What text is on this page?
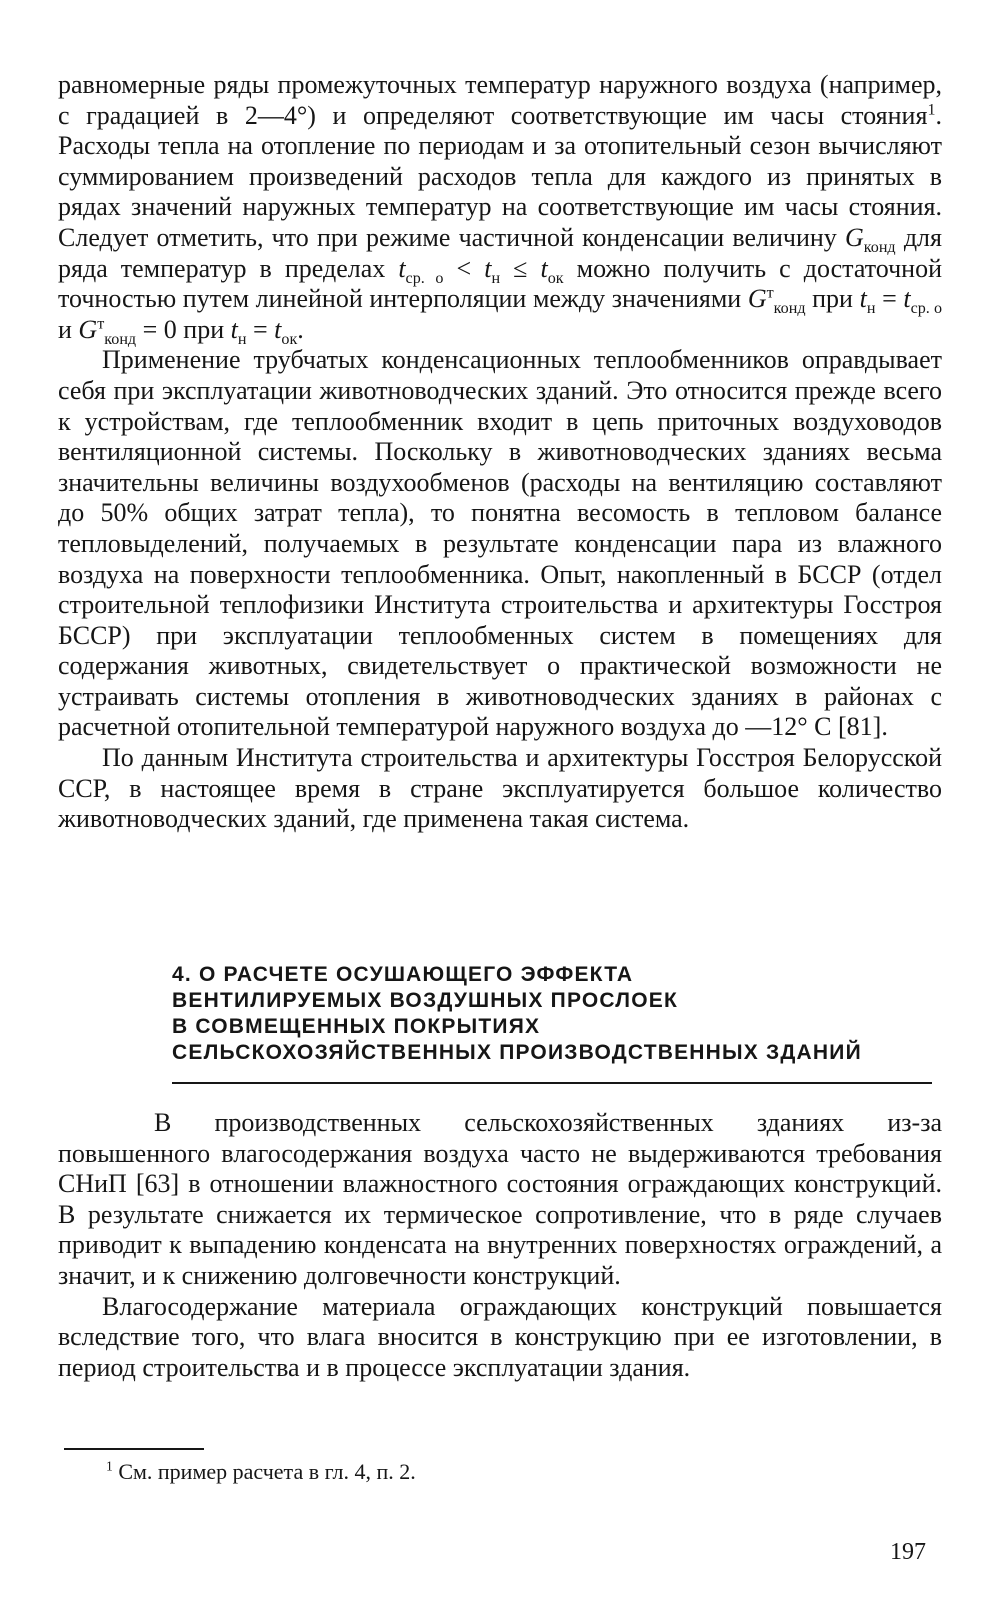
равномерные ряды промежуточных температур наружного воздуха (например, с градацией в 2—4°) и определяют соответствующие им часы стояния$^1$. Расходы тепла на отопление по периодам и за отопительный сезон вычисляют суммированием произведений расходов тепла для каждого из принятых в рядах значений наружных температур на соответствующие им часы стояния. Следует отметить, что при режиме частичной конденсации величину $G_{конд}$ для ряда температур в пределах $t_{ср. о} < t_н \le t_{ок}$ можно получить с достаточной точностью путем линейной интерполяции между значениями $G^т_{конд}$ при $t_н = t_{ср. о}$ и $G^т_{конд} = 0$ при $t_н = t_{ок}$.

Применение трубчатых конденсационных теплообменников оправдывает себя при эксплуатации животноводческих зданий. Это относится прежде всего к устройствам, где теплообменник входит в цепь приточных воздуховодов вентиляционной системы. Поскольку в животноводческих зданиях весьма значительны величины воздухообменов (расходы на вентиляцию составляют до 50% общих затрат тепла), то понятна весомость в тепловом балансе тепловыделений, получаемых в результате конденсации пара из влажного воздуха на поверхности теплообменника. Опыт, накопленный в БССР (отдел строительной теплофизики Института строительства и архитектуры Госстроя БССР) при эксплуатации теплообменных систем в помещениях для содержания животных, свидетельствует о практической возможности не устраивать системы отопления в животноводческих зданиях в районах с расчетной отопительной температурой наружного воздуха до —12° С [81].

По данным Института строительства и архитектуры Госстроя Белорусской ССР, в настоящее время в стране эксплуатируется большое количество животноводческих зданий, где применена такая система.

4. О РАСЧЕТЕ ОСУШАЮЩЕГО ЭФФЕКТА
ВЕНТИЛИРУЕМЫХ ВОЗДУШНЫХ ПРОСЛОЕК
В СОВМЕЩЕННЫХ ПОКРЫТИЯХ
СЕЛЬСКОХОЗЯЙСТВЕННЫХ ПРОИЗВОДСТВЕННЫХ ЗДАНИЙ

В производственных сельскохозяйственных зданиях из-за повышенного влагосодержания воздуха часто не выдерживаются требования СНиП [63] в отношении влажностного состояния ограждающих конструкций. В результате снижается их термическое сопротивление, что в ряде случаев приводит к выпадению конденсата на внутренних поверхностях ограждений, а значит, и к снижению долговечности конструкций.

Влагосодержание материала ограждающих конструкций повышается вследствие того, что влага вносится в конструкцию при ее изготовлении, в период строительства и в процессе эксплуатации здания.

$^1$ См. пример расчета в гл. 4, п. 2.
197
